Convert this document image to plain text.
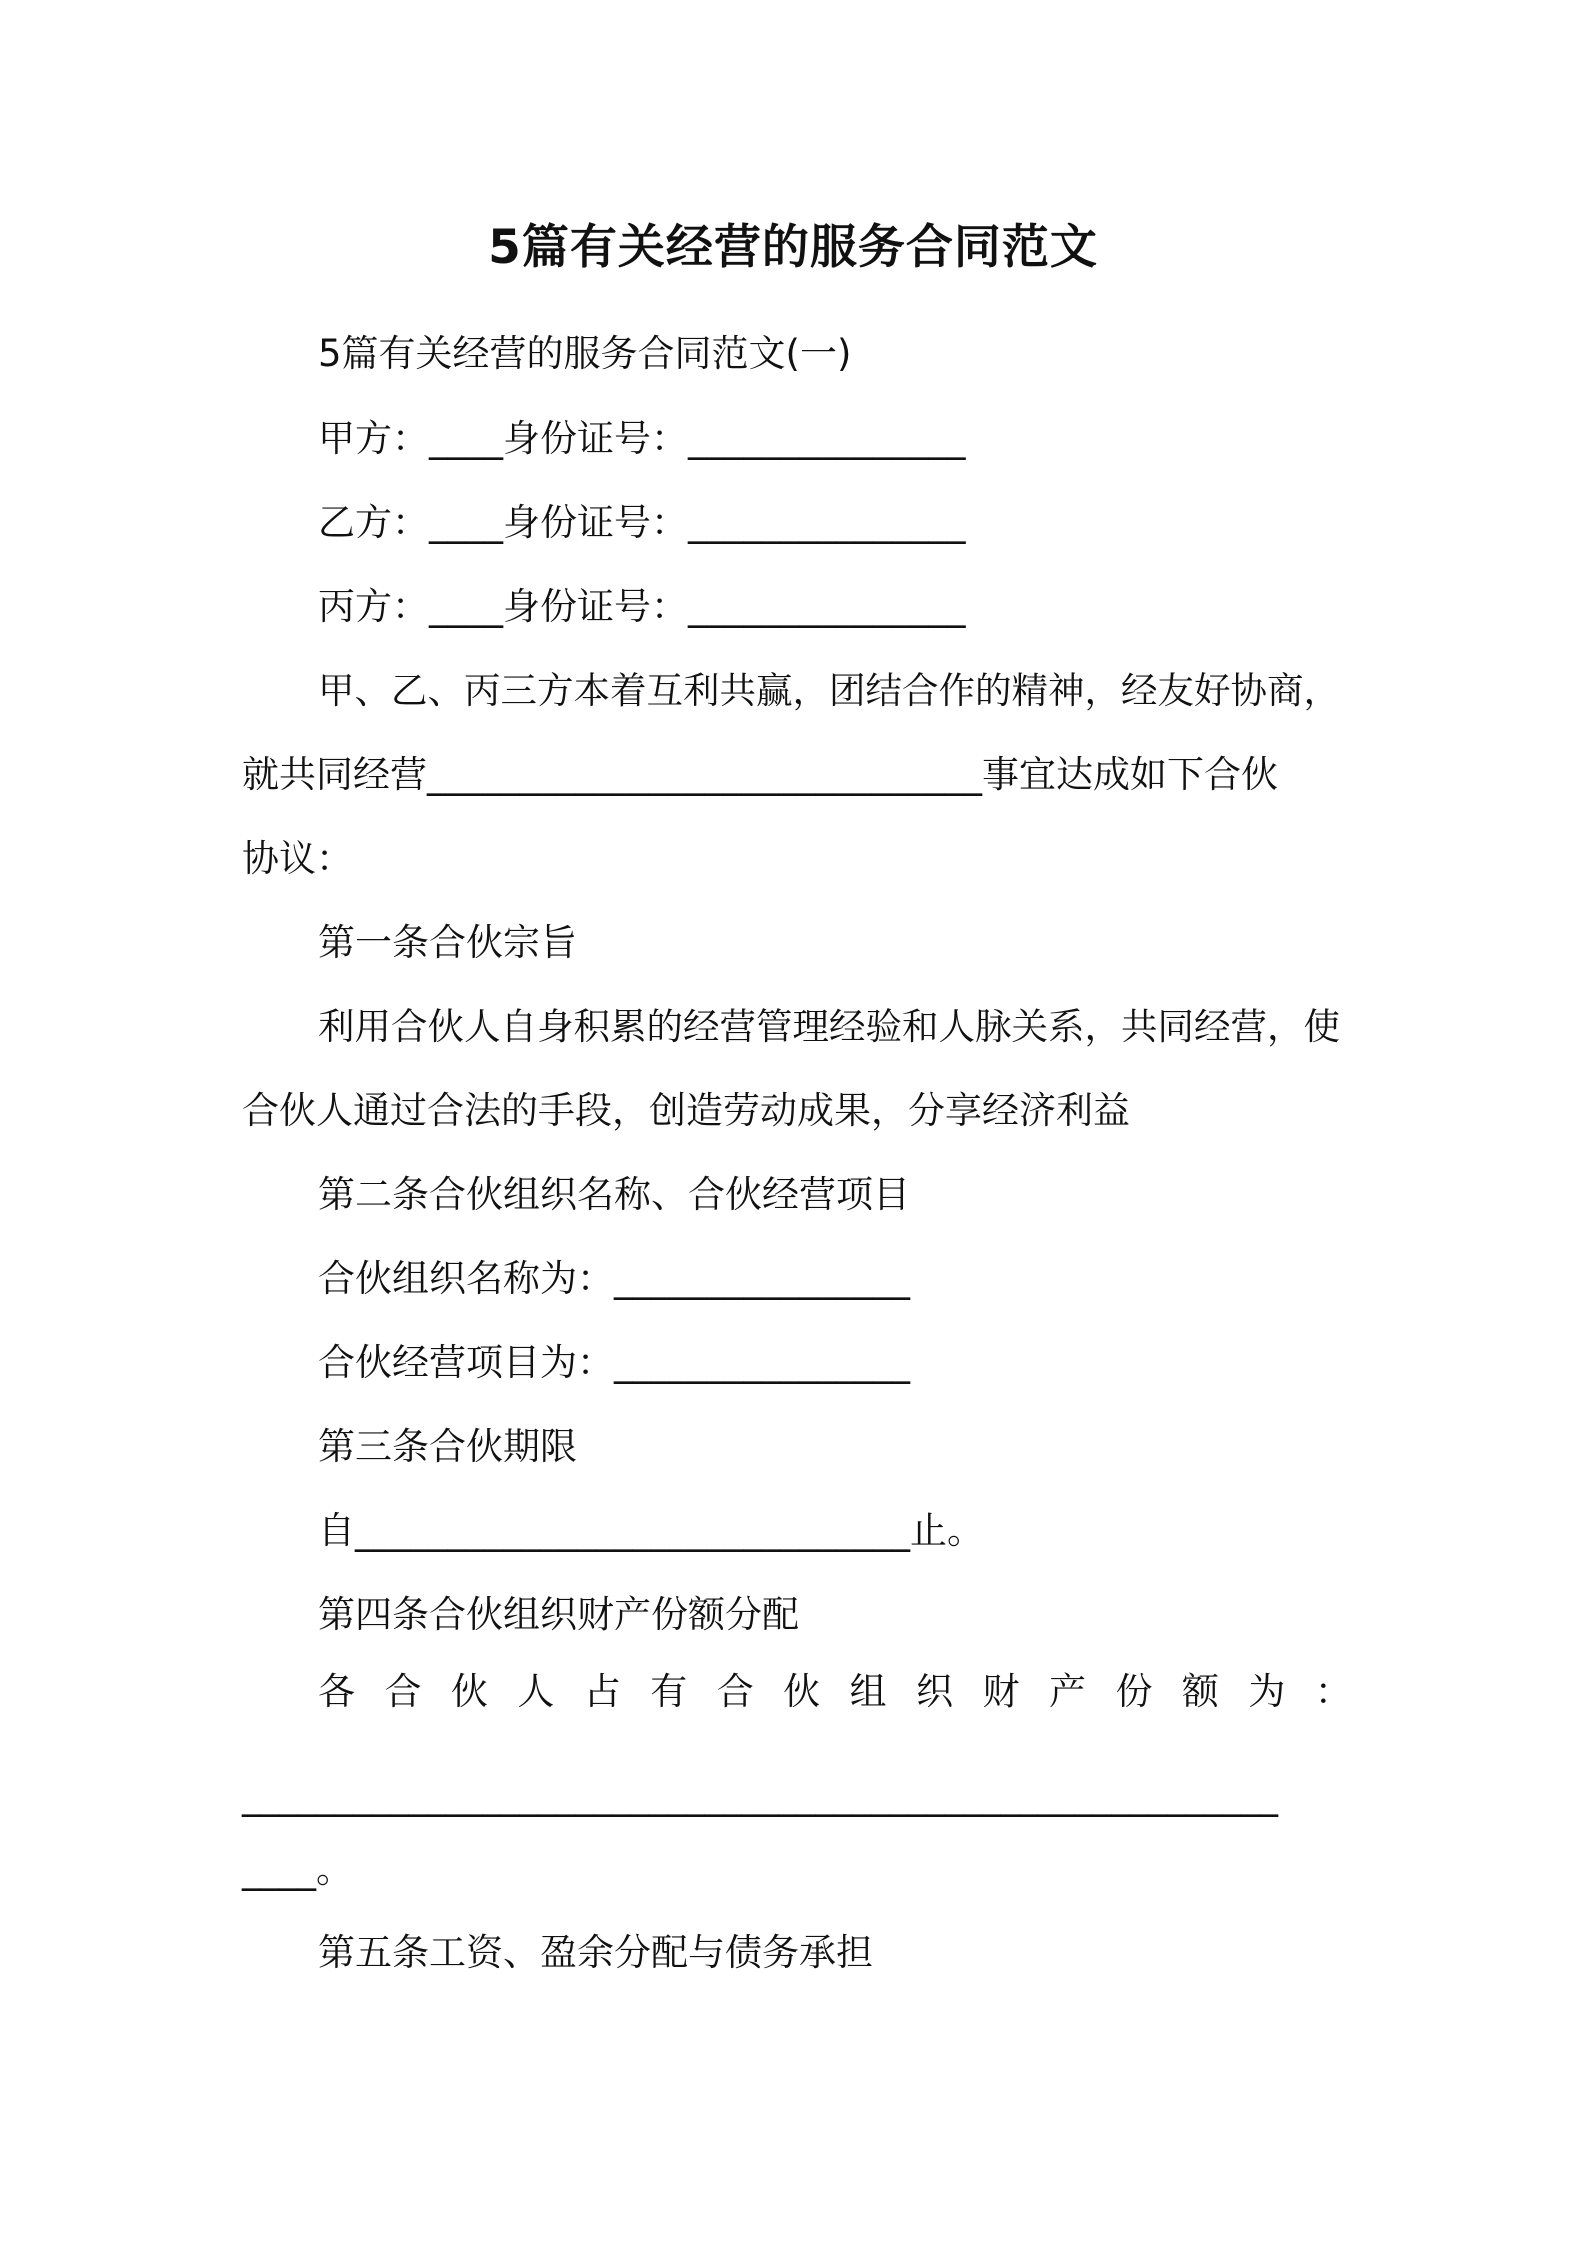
5篇有关经营的服务合同范文
5篇有关经营的服务合同范文(一)
甲方：____身份证号：_______________
乙方：____身份证号：_______________
丙方：____身份证号：_______________
甲、乙、丙三方本着互利共赢，团结合作的精神，经友好协商，
就共同经营______________________________事宜达成如下合伙
协议：
第一条合伙宗旨
利用合伙人自身积累的经营管理经验和人脉关系，共同经营，使
合伙人通过合法的手段，创造劳动成果，分享经济利益
第二条合伙组织名称、合伙经营项目
合伙组织名称为：________________
合伙经营项目为：________________
第三条合伙期限
自______________________________止。
第四条合伙组织财产份额分配
各 合 伙 人 占 有 合 伙 组 织 财 产 份 额 为 ：
________________________________________________________
____。
第五条工资、盈余分配与债务承担
